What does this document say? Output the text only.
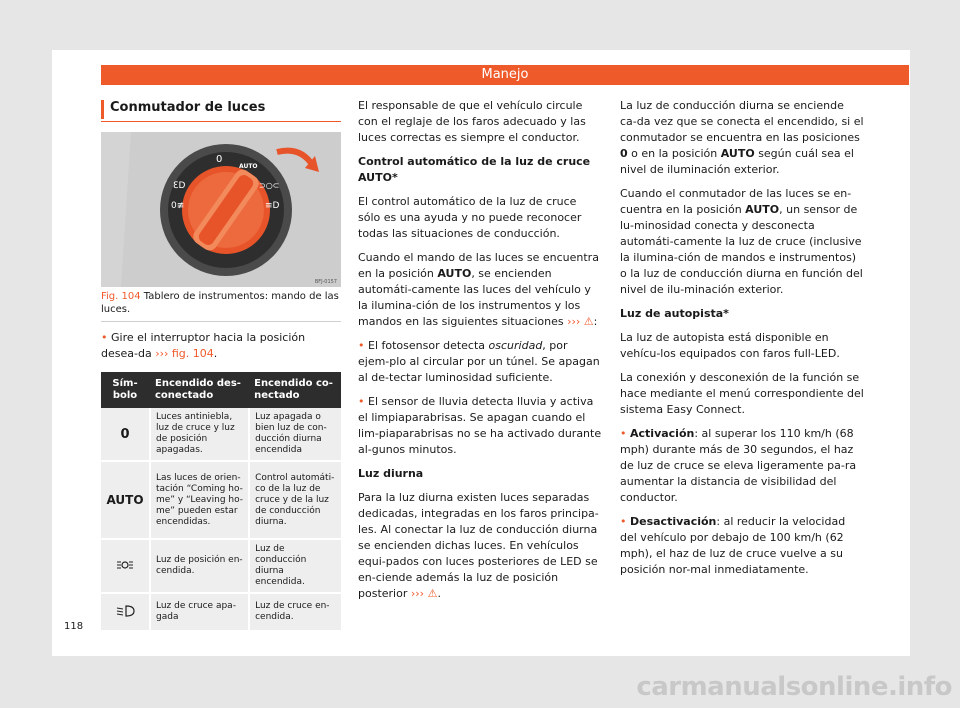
Manejo
Conmutador de luces
0
AUTO
ℇD
0≢
⊃○⊂
≡D
BFJ-0157
Fig. 104 Tablero de instrumentos: mando de las luces.
• Gire el interruptor hacia la posición desea-da ››› fig. 104.
Sím-bolo	Encendido des-conectado	Encendido co-nectado
0	Luces antiniebla, luz de cruce y luz de posición apagadas.	Luz apagada o bien luz de con-ducción diurna encendida
AUTO	Las luces de orien-tación “Coming ho-me” y “Leaving ho-me” pueden estar encendidas.	Control automáti-co de la luz de cruce y de la luz de conducción diurna.
	Luz de posición en-cendida.	Luz de conducción diurna encendida.
	Luz de cruce apa-gada	Luz de cruce en-cendida.

El responsable de que el vehículo circule con el reglaje de los faros adecuado y las luces correctas es siempre el conductor.

Control automático de la luz de cruce AUTO*

El control automático de la luz de cruce sólo es una ayuda y no puede reconocer todas las situaciones de conducción.

Cuando el mando de las luces se encuentra en la posición AUTO, se encienden automáti-camente las luces del vehículo y la ilumina-ción de los instrumentos y los mandos en las siguientes situaciones ››› ⚠:

• El fotosensor detecta oscuridad, por ejem-plo al circular por un túnel. Se apagan al de-tectar luminosidad suficiente.

• El sensor de lluvia detecta lluvia y activa el limpiaparabrisas. Se apagan cuando el lim-piaparabrisas no se ha activado durante al-gunos minutos.

Luz diurna

Para la luz diurna existen luces separadas dedicadas, integradas en los faros principa-les. Al conectar la luz de conducción diurna se encienden dichas luces. En vehículos equi-pados con luces posteriores de LED se en-ciende además la luz de posición posterior ››› ⚠.

La luz de conducción diurna se enciende ca-da vez que se conecta el encendido, si el conmutador se encuentra en las posiciones 0 o en la posición AUTO según cuál sea el nivel de iluminación exterior.

Cuando el conmutador de las luces se en-cuentra en la posición AUTO, un sensor de lu-minosidad conecta y desconecta automáti-camente la luz de cruce (inclusive la ilumina-ción de mandos e instrumentos) o la luz de conducción diurna en función del nivel de ilu-minación exterior.

Luz de autopista*

La luz de autopista está disponible en vehícu-los equipados con faros full-LED.

La conexión y desconexión de la función se hace mediante el menú correspondiente del sistema Easy Connect.

• Activación: al superar los 110 km/h (68 mph) durante más de 30 segundos, el haz de luz de cruce se eleva ligeramente pa-ra aumentar la distancia de visibilidad del conductor.

• Desactivación: al reducir la velocidad del vehículo por debajo de 100 km/h (62 mph), el haz de luz de cruce vuelve a su posición nor-mal inmediatamente.

118
carmanualsonline.info
